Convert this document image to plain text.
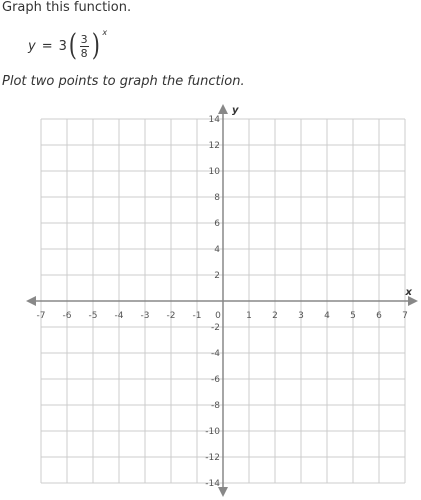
Graph this function.
y = 3 ( $\frac{3}{8}$ ) x
Plot two points to graph the function.
x
y
-7 -6 -5 -4 -3 -2 -1 0	1 2 3 4 5 6 7
-14
-12
-10
-8
-6
-4
-2
2
4
6
8
10
12
14
